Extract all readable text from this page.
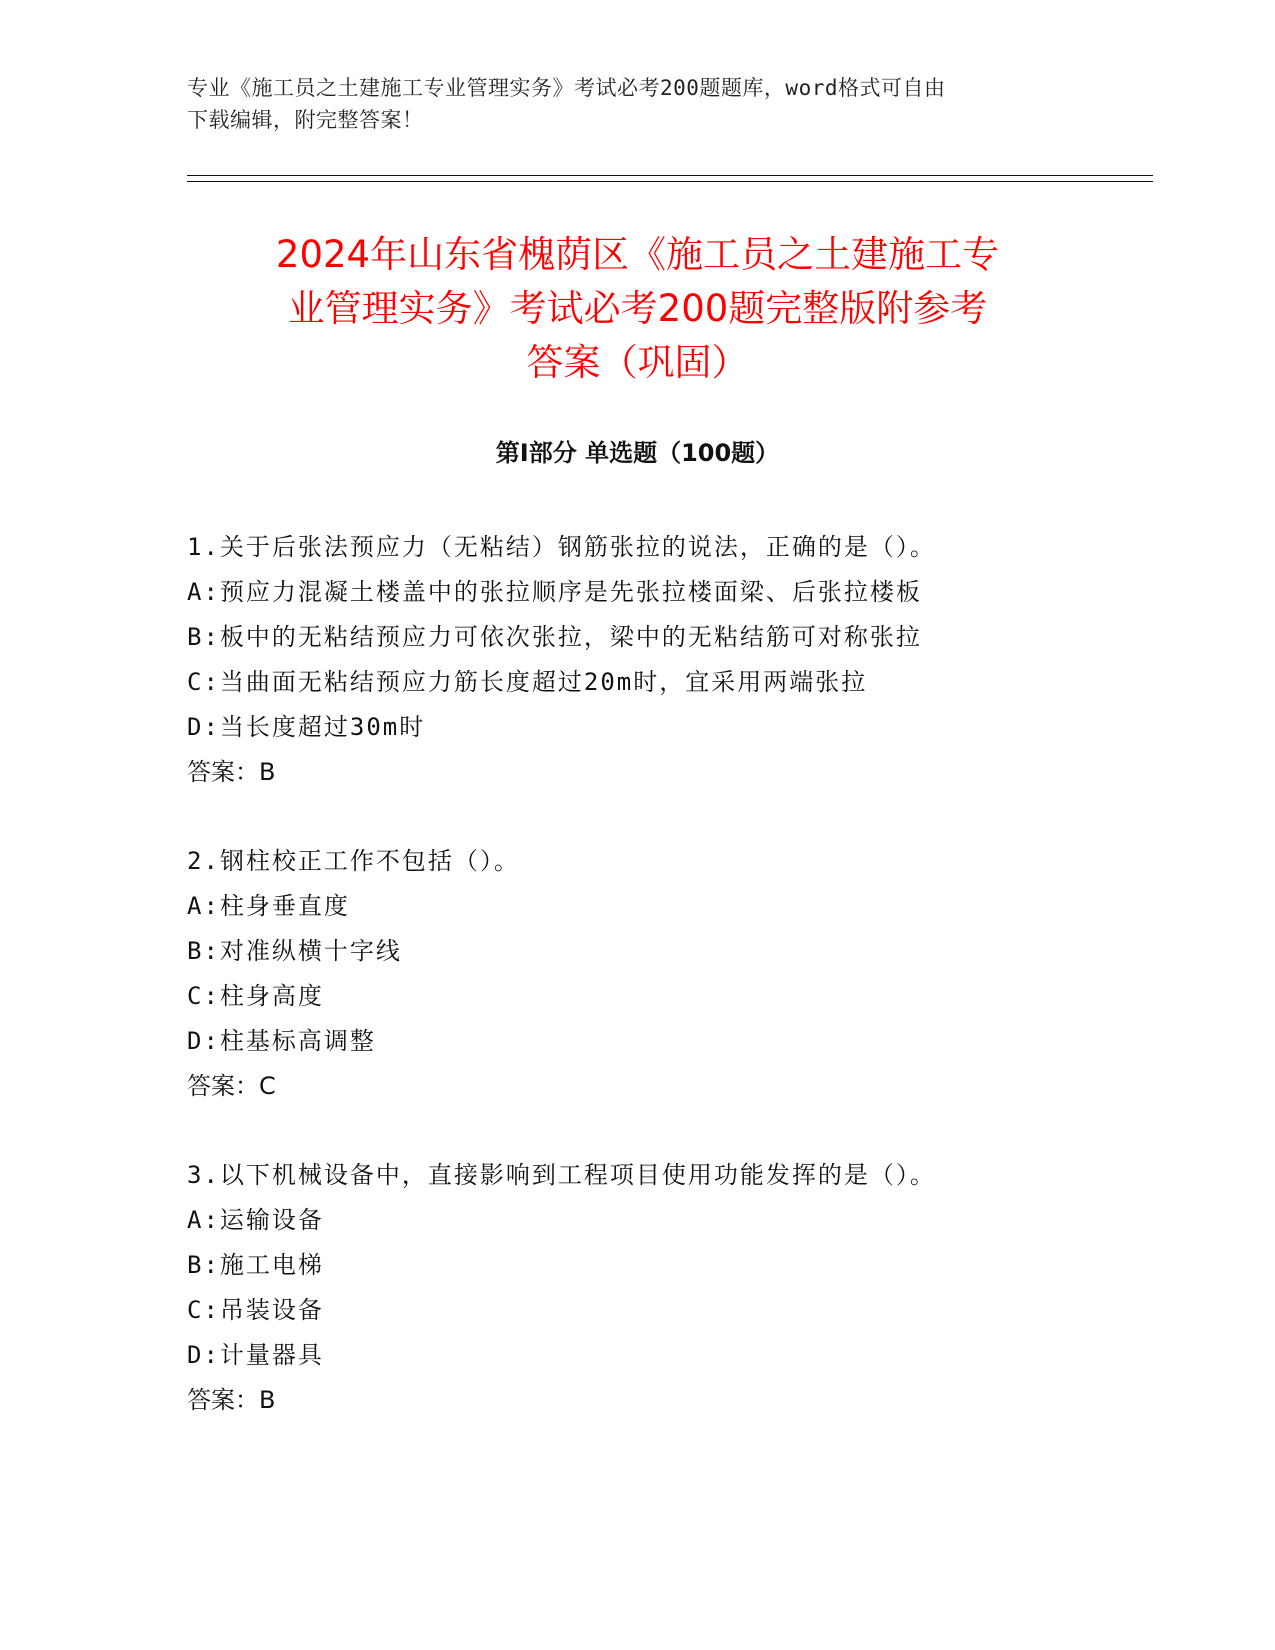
专业《施工员之土建施工专业管理实务》考试必考200题题库，word格式可自由
下载编辑，附完整答案！
2024年山东省槐荫区《施工员之土建施工专
业管理实务》考试必考200题完整版附参考
答案（巩固）
第Ⅰ部分 单选题（100题）
1.关于后张法预应力（无粘结）钢筋张拉的说法，正确的是（）。
A:预应力混凝土楼盖中的张拉顺序是先张拉楼面梁、后张拉楼板
B:板中的无粘结预应力可依次张拉，梁中的无粘结筋可对称张拉
C:当曲面无粘结预应力筋长度超过20m时，宜采用两端张拉
D:当长度超过30m时
答案：B
2.钢柱校正工作不包括（）。
A:柱身垂直度
B:对准纵横十字线
C:柱身高度
D:柱基标高调整
答案：C
3.以下机械设备中，直接影响到工程项目使用功能发挥的是（）。
A:运输设备
B:施工电梯
C:吊装设备
D:计量器具
答案：B
